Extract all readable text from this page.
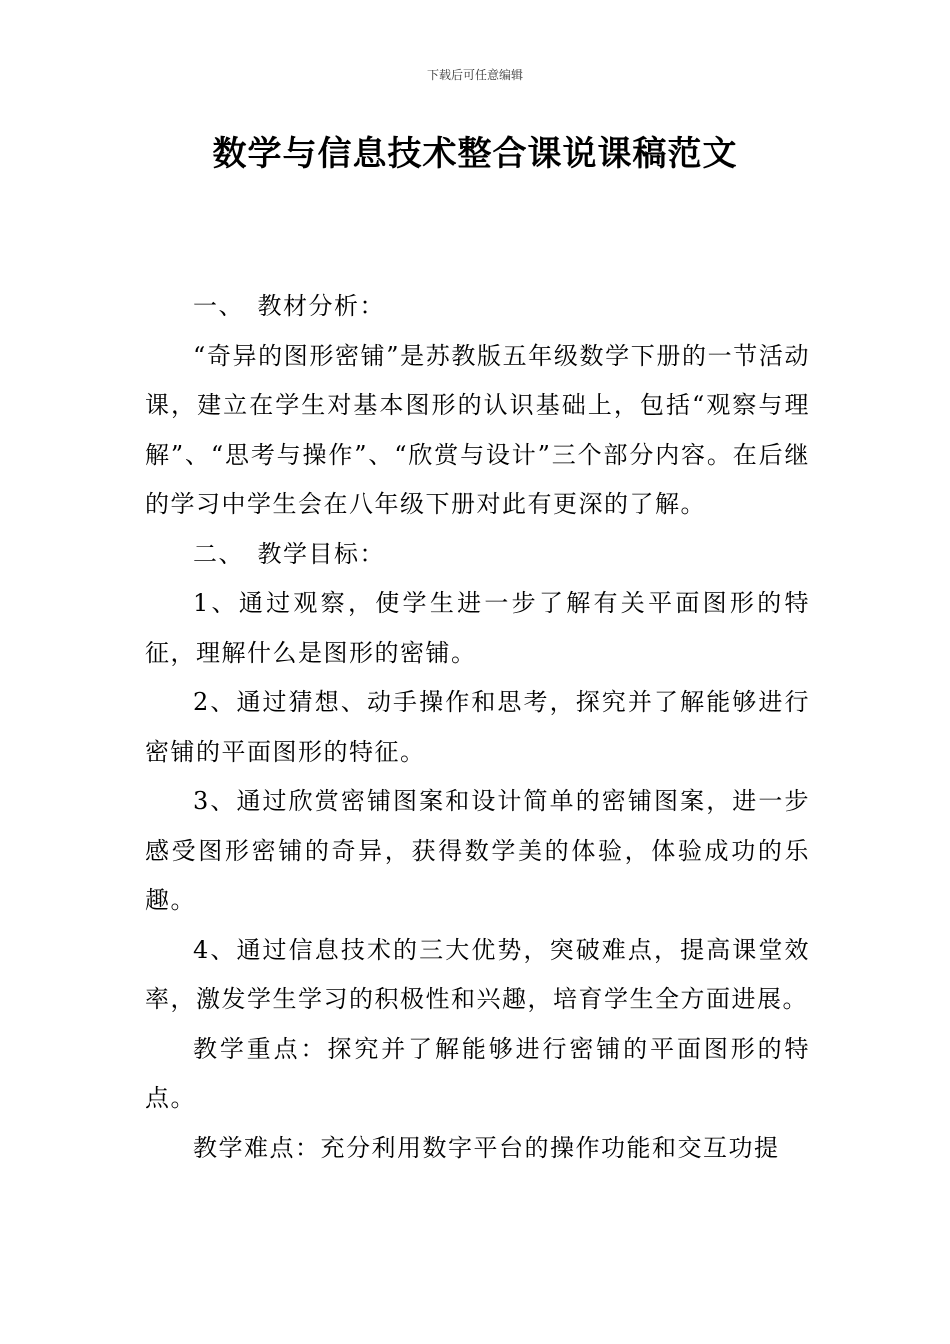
下载后可任意编辑
数学与信息技术整合课说课稿范文

一、　教材分析：

“奇异的图形密铺”是苏教版五年级数学下册的一节活动课，建立在学生对基本图形的认识基础上，包括“观察与理解”、“思考与操作”、“欣赏与设计”三个部分内容。在后继的学习中学生会在八年级下册对此有更深的了解。

二、　教学目标：

1、通过观察，使学生进一步了解有关平面图形的特征，理解什么是图形的密铺。

2、通过猜想、动手操作和思考，探究并了解能够进行密铺的平面图形的特征。

3、通过欣赏密铺图案和设计简单的密铺图案，进一步感受图形密铺的奇异，获得数学美的体验，体验成功的乐趣。

4、通过信息技术的三大优势，突破难点，提高课堂效率，激发学生学习的积极性和兴趣，培育学生全方面进展。

教学重点：探究并了解能够进行密铺的平面图形的特点。

教学难点：充分利用数字平台的操作功能和交互功提
